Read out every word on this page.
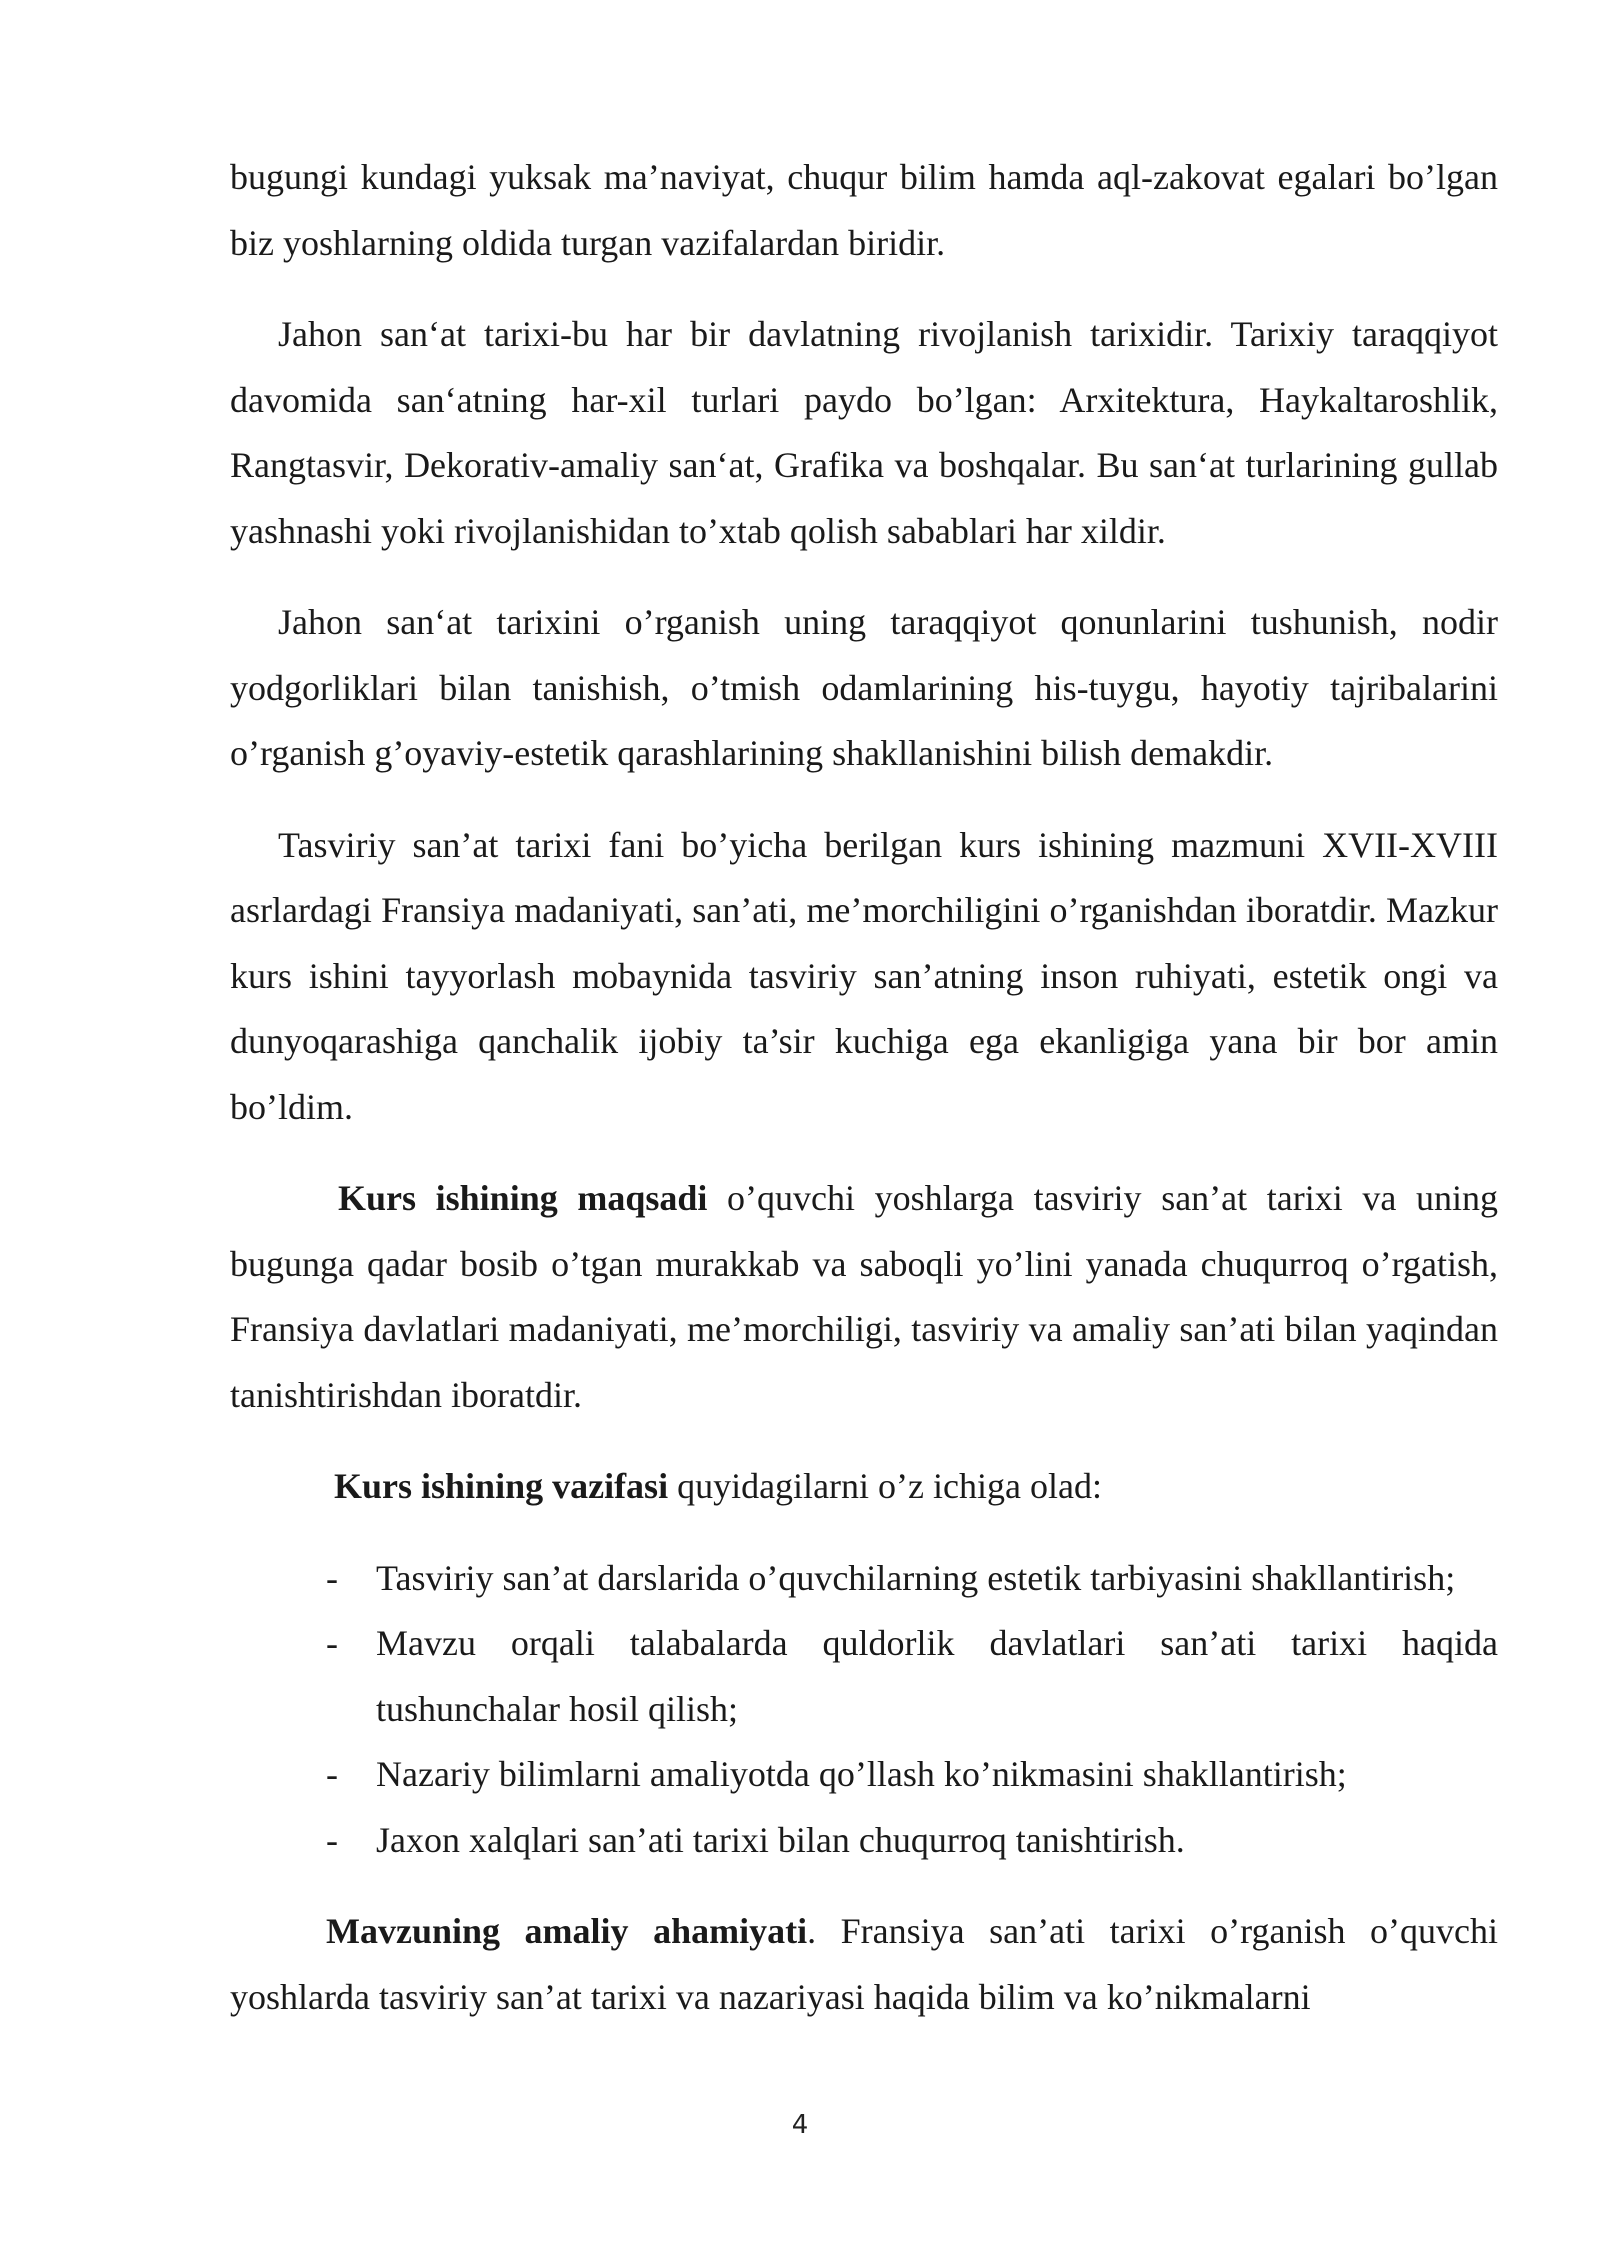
bugungi kundagi yuksak ma’naviyat, chuqur bilim hamda aql-zakovat egalari bo’lgan biz yoshlarning oldida turgan vazifalardan biridir.

Jahon san‘at tarixi-bu har bir davlatning rivojlanish tarixidir. Tarixiy taraqqiyot davomida san‘atning har-xil turlari paydo bo’lgan: Arxitektura, Haykaltaroshlik, Rangtasvir, Dekorativ-amaliy san‘at, Grafika va boshqalar. Bu san‘at turlarining gullab yashnashi yoki rivojlanishidan to’xtab qolish sabablari har xildir.

Jahon san‘at tarixini o’rganish uning taraqqiyot qonunlarini tushunish, nodir yodgorliklari bilan tanishish, o’tmish odamlarining his-tuygu, hayotiy tajribalarini o’rganish g’oyaviy-estetik qarashlarining shakllanishini bilish demakdir.

Tasviriy san’at tarixi fani bo’yicha berilgan kurs ishining mazmuni XVII-XVIII asrlardagi Fransiya madaniyati, san’ati, me’morchiligini o’rganishdan iboratdir. Mazkur kurs ishini tayyorlash mobaynida tasviriy san’atning inson ruhiyati, estetik ongi va dunyoqarashiga qanchalik ijobiy ta’sir kuchiga ega ekanligiga yana bir bor amin bo’ldim.

Kurs ishining maqsadi o’quvchi yoshlarga tasviriy san’at tarixi va uning bugunga qadar bosib o’tgan murakkab va saboqli yo’lini yanada chuqurroq o’rgatish, Fransiya davlatlari madaniyati, me’morchiligi, tasviriy va amaliy san’ati bilan yaqindan tanishtirishdan iboratdir.

Kurs ishining vazifasi quyidagilarni o’z ichiga olad:

- Tasviriy san’at darslarida o’quvchilarning estetik tarbiyasini shakllantirish;
- Mavzu orqali talabalarda quldorlik davlatlari san’ati tarixi haqida tushunchalar hosil qilish;
- Nazariy bilimlarni amaliyotda qo’llash ko’nikmasini shakllantirish;
- Jaxon xalqlari san’ati tarixi bilan chuqurroq tanishtirish.

Mavzuning amaliy ahamiyati. Fransiya san’ati tarixi o’rganish o’quvchi yoshlarda tasviriy san’at tarixi va nazariyasi haqida bilim va ko’nikmalarni

4
